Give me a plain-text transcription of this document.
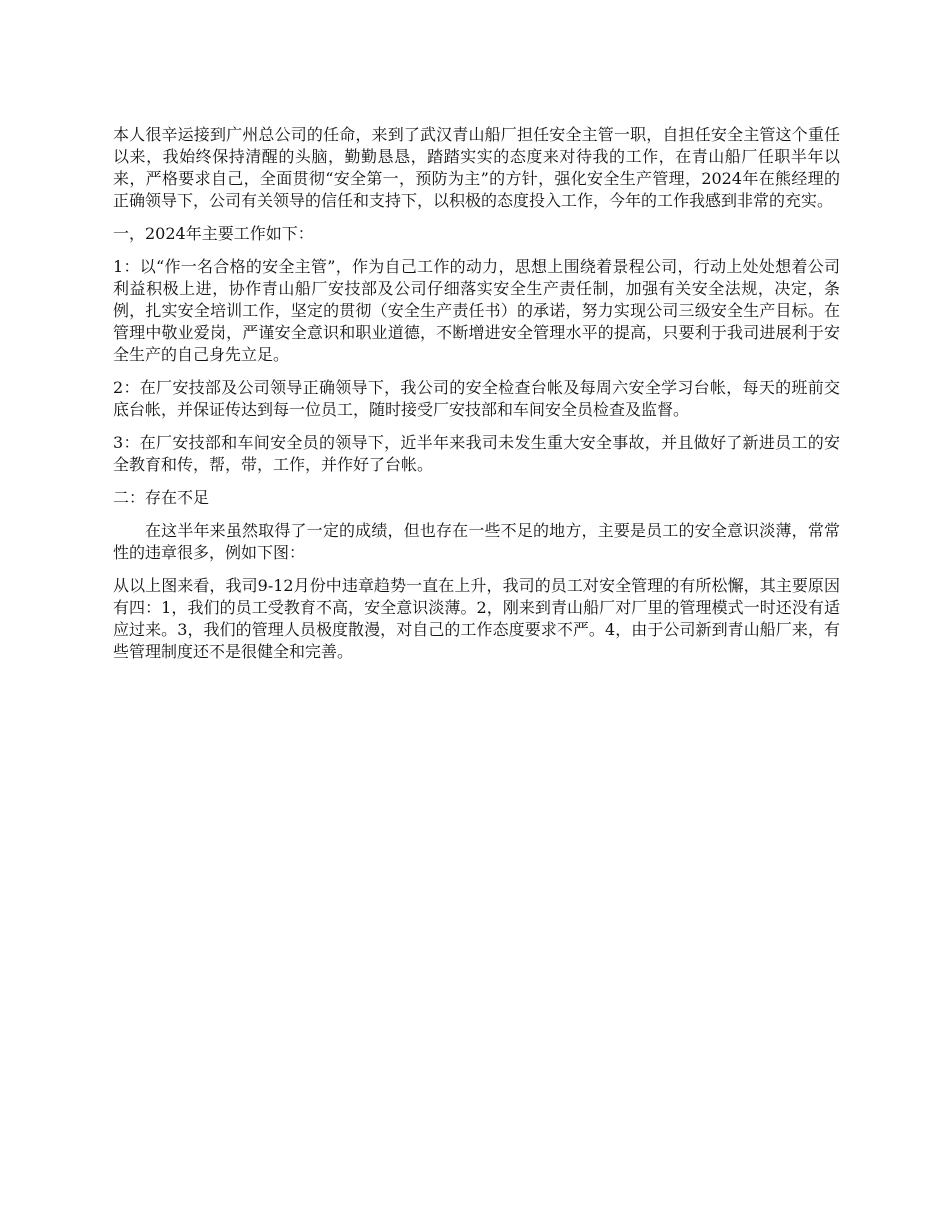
本人很辛运接到广州总公司的任命，来到了武汉青山船厂担任安全主管一职，自担任安全主管这个重任以来，我始终保持清醒的头脑，勤勤恳恳，踏踏实实的态度来对待我的工作，在青山船厂任职半年以来，严格要求自己，全面贯彻“安全第一，预防为主”的方针，强化安全生产管理，2024年在熊经理的正确领导下，公司有关领导的信任和支持下，以积极的态度投入工作，今年的工作我感到非常的充实。

一，2024年主要工作如下：

1：以“作一名合格的安全主管”，作为自己工作的动力，思想上围绕着景程公司，行动上处处想着公司利益积极上进，协作青山船厂安技部及公司仔细落实安全生产责任制，加强有关安全法规，决定，条例，扎实安全培训工作，坚定的贯彻（安全生产责任书）的承诺，努力实现公司三级安全生产目标。在管理中敬业爱岗，严谨安全意识和职业道德，不断增进安全管理水平的提高，只要利于我司进展利于安全生产的自己身先立足。

2：在厂安技部及公司领导正确领导下，我公司的安全检查台帐及每周六安全学习台帐，每天的班前交底台帐，并保证传达到每一位员工，随时接受厂安技部和车间安全员检查及监督。

3：在厂安技部和车间安全员的领导下，近半年来我司未发生重大安全事故，并且做好了新进员工的安全教育和传，帮，带，工作，并作好了台帐。

二：存在不足

在这半年来虽然取得了一定的成绩，但也存在一些不足的地方，主要是员工的安全意识淡薄，常常性的违章很多，例如下图：

从以上图来看，我司9-12月份中违章趋势一直在上升，我司的员工对安全管理的有所松懈，其主要原因有四：1，我们的员工受教育不高，安全意识淡薄。2，刚来到青山船厂对厂里的管理模式一时还没有适应过来。3，我们的管理人员极度散漫，对自己的工作态度要求不严。4，由于公司新到青山船厂来，有些管理制度还不是很健全和完善。
